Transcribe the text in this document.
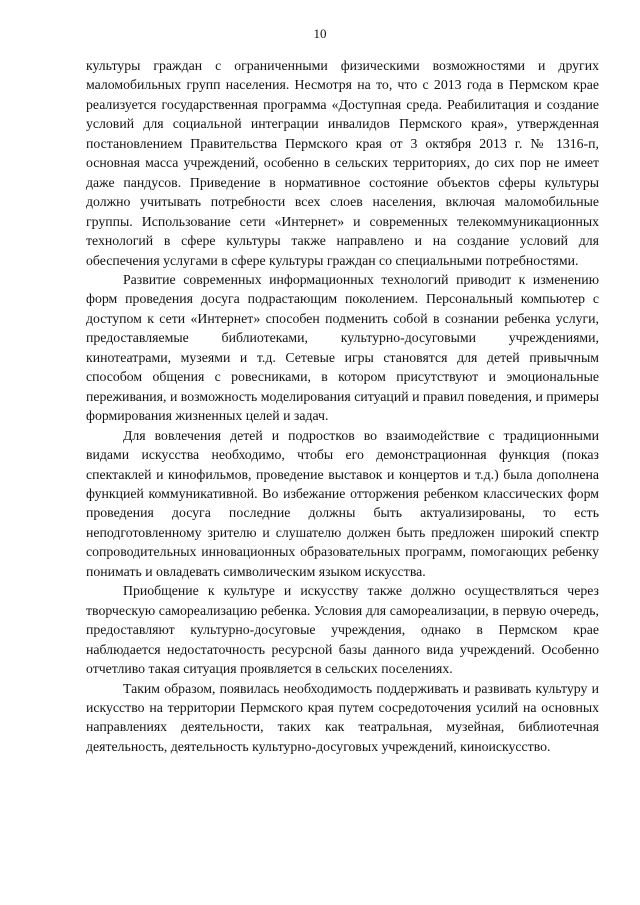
10

культуры граждан с ограниченными физическими возможностями и других маломобильных групп населения. Несмотря на то, что с 2013 года в Пермском крае реализуется государственная программа «Доступная среда. Реабилитация и создание условий для социальной интеграции инвалидов Пермского края», утвержденная постановлением Правительства Пермского края от 3 октября 2013 г. № 1316-п, основная масса учреждений, особенно в сельских территориях, до сих пор не имеет даже пандусов. Приведение в нормативное состояние объектов сферы культуры должно учитывать потребности всех слоев населения, включая маломобильные группы. Использование сети «Интернет» и современных телекоммуникационных технологий в сфере культуры также направлено и на создание условий для обеспечения услугами в сфере культуры граждан со специальными потребностями.

Развитие современных информационных технологий приводит к изменению форм проведения досуга подрастающим поколением. Персональный компьютер с доступом к сети «Интернет» способен подменить собой в сознании ребенка услуги, предоставляемые библиотеками, культурно-досуговыми учреждениями, кинотеатрами, музеями и т.д. Сетевые игры становятся для детей привычным способом общения с ровесниками, в котором присутствуют и эмоциональные переживания, и возможность моделирования ситуаций и правил поведения, и примеры формирования жизненных целей и задач.

Для вовлечения детей и подростков во взаимодействие с традиционными видами искусства необходимо, чтобы его демонстрационная функция (показ спектаклей и кинофильмов, проведение выставок и концертов и т.д.) была дополнена функцией коммуникативной. Во избежание отторжения ребенком классических форм проведения досуга последние должны быть актуализированы, то есть неподготовленному зрителю и слушателю должен быть предложен широкий спектр сопроводительных инновационных образовательных программ, помогающих ребенку понимать и овладевать символическим языком искусства.

Приобщение к культуре и искусству также должно осуществляться через творческую самореализацию ребенка. Условия для самореализации, в первую очередь, предоставляют культурно-досуговые учреждения, однако в Пермском крае наблюдается недостаточность ресурсной базы данного вида учреждений. Особенно отчетливо такая ситуация проявляется в сельских поселениях.

Таким образом, появилась необходимость поддерживать и развивать культуру и искусство на территории Пермского края путем сосредоточения усилий на основных направлениях деятельности, таких как театральная, музейная, библиотечная деятельность, деятельность культурно-досуговых учреждений, киноискусство.
